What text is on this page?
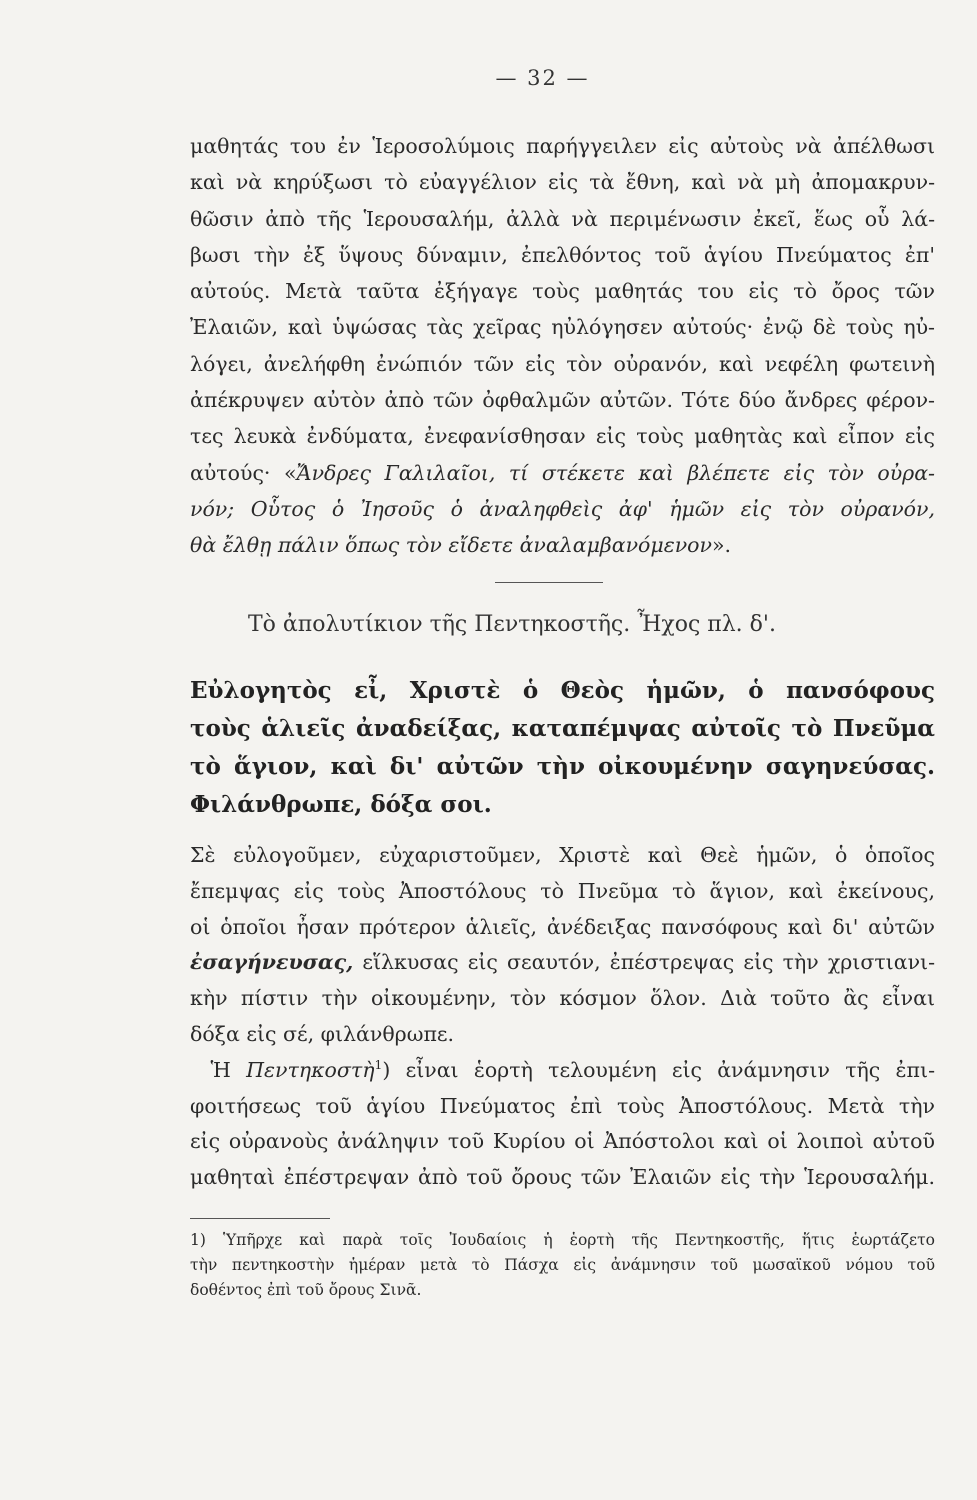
— 32 —
μαθητάς του ἐν Ἱεροσολύμοις παρήγγειλεν εἰς αὐτοὺς νὰ ἀπέλθωσι
καὶ νὰ κηρύξωσι τὸ εὐαγγέλιον εἰς τὰ ἔθνη, καὶ νὰ μὴ ἀπομακρυν-
θῶσιν ἀπὸ τῆς Ἱερουσαλήμ, ἀλλὰ νὰ περιμένωσιν ἐκεῖ, ἕως οὗ λά-
βωσι τὴν ἐξ ὕψους δύναμιν, ἐπελθόντος τοῦ ἁγίου Πνεύματος ἐπ'
αὐτούς. Μετὰ ταῦτα ἐξήγαγε τοὺς μαθητάς του εἰς τὸ ὄρος τῶν
Ἐλαιῶν, καὶ ὑψώσας τὰς χεῖρας ηὐλόγησεν αὐτούς· ἐνῷ δὲ τοὺς ηὐ-
λόγει, ἀνελήφθη ἐνώπιόν τῶν εἰς τὸν οὐρανόν, καὶ νεφέλη φωτεινὴ
ἀπέκρυψεν αὐτὸν ἀπὸ τῶν ὀφθαλμῶν αὐτῶν. Τότε δύο ἄνδρες φέρον-
τες λευκὰ ἐνδύματα, ἐνεφανίσθησαν εἰς τοὺς μαθητὰς καὶ εἶπον εἰς
αὐτούς· «Ἄνδρες Γαλιλαῖοι, τί στέκετε καὶ βλέπετε εἰς τὸν οὐρα-
νόν; Οὗτος ὁ Ἰησοῦς ὁ ἀναληφθεὶς ἀφ' ἡμῶν εἰς τὸν οὐρανόν,
θὰ ἔλθῃ πάλιν ὅπως τὸν εἴδετε ἀναλαμβανόμενον».
Τὸ ἀπολυτίκιον τῆς Πεντηκοστῆς. Ἦχος πλ. δ'.
Εὐλογητὸς εἶ, Χριστὲ ὁ Θεὸς ἡμῶν, ὁ πανσόφους
τοὺς ἁλιεῖς ἀναδείξας, καταπέμψας αὐτοῖς τὸ Πνεῦμα
τὸ ἅγιον, καὶ δι' αὐτῶν τὴν οἰκουμένην σαγηνεύσας.
Φιλάνθρωπε, δόξα σοι.
Σὲ εὐλογοῦμεν, εὐχαριστοῦμεν, Χριστὲ καὶ Θεὲ ἡμῶν, ὁ ὁποῖος
ἔπεμψας εἰς τοὺς Ἀποστόλους τὸ Πνεῦμα τὸ ἅγιον, καὶ ἐκείνους,
οἱ ὁποῖοι ἦσαν πρότερον ἁλιεῖς, ἀνέδειξας πανσόφους καὶ δι' αὐτῶν
ἐσαγήνευσας, εἵλκυσας εἰς σεαυτόν, ἐπέστρεψας εἰς τὴν χριστιανι-
κὴν πίστιν τὴν οἰκουμένην, τὸν κόσμον ὅλον. Διὰ τοῦτο ἂς εἶναι
δόξα εἰς σέ, φιλάνθρωπε.
 Ἡ Πεντηκοστὴ$^1$) εἶναι ἑορτὴ τελουμένη εἰς ἀνάμνησιν τῆς ἐπι-
φοιτήσεως τοῦ ἁγίου Πνεύματος ἐπὶ τοὺς Ἀποστόλους. Μετὰ τὴν
εἰς οὐρανοὺς ἀνάληψιν τοῦ Κυρίου οἱ Ἀπόστολοι καὶ οἱ λοιποὶ αὐτοῦ
μαθηταὶ ἐπέστρεψαν ἀπὸ τοῦ ὄρους τῶν Ἐλαιῶν εἰς τὴν Ἱερουσαλήμ.
1) Ὑπῆρχε καὶ παρὰ τοῖς Ἰουδαίοις ἡ ἑορτὴ τῆς Πεντηκοστῆς, ἥτις ἑωρτάζετο
τὴν πεντηκοστὴν ἡμέραν μετὰ τὸ Πάσχα εἰς ἀνάμνησιν τοῦ μωσαϊκοῦ νόμου τοῦ
δοθέντος ἐπὶ τοῦ ὄρους Σινᾶ.
